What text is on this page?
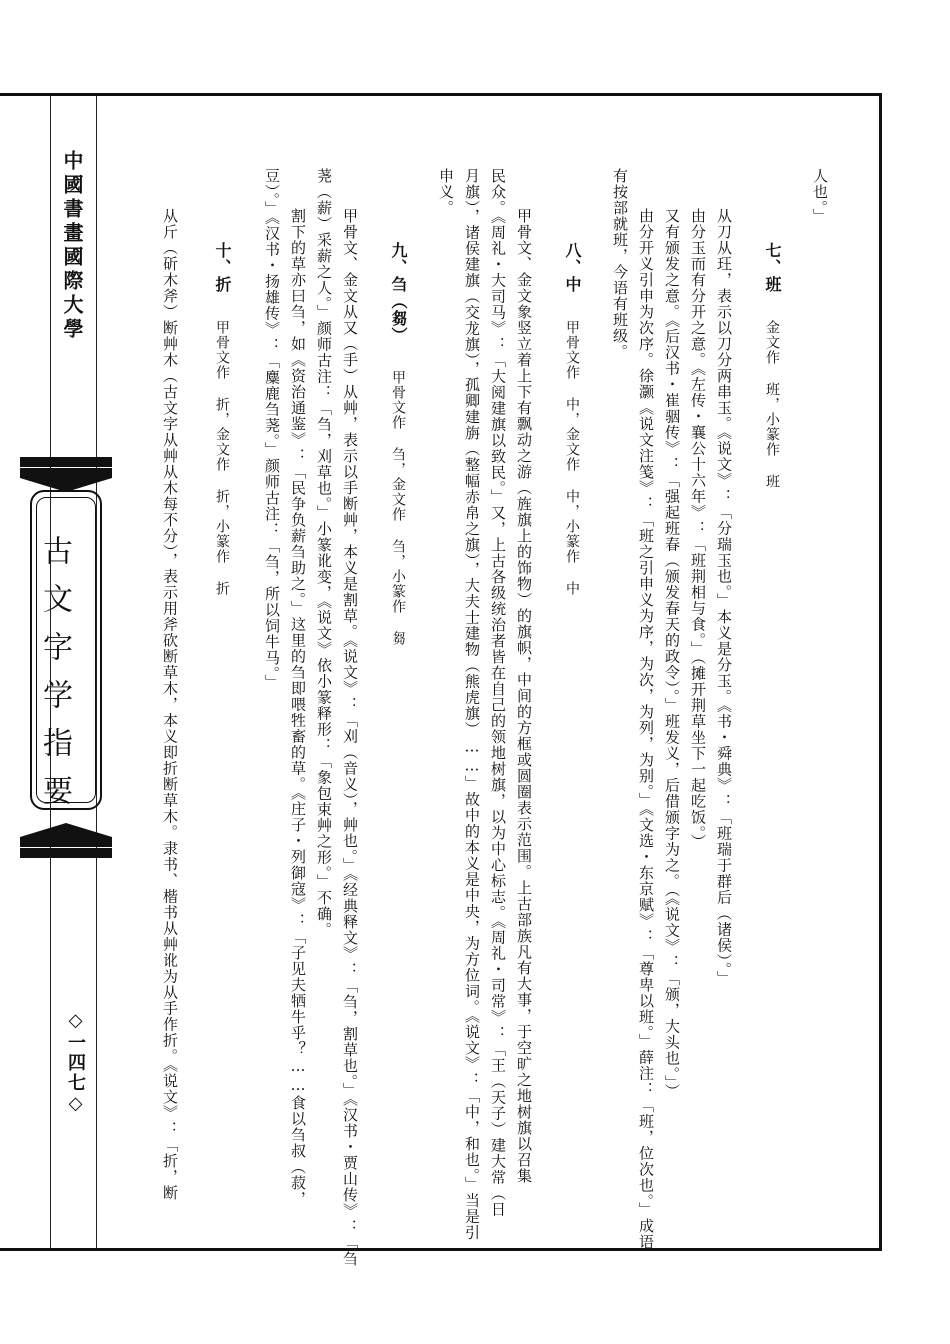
中國書畫國際大學
古文字学指要
◇一四七◇
人也。」
七、班
金文作 班，小篆作 班
从刀从玨，表示以刀分两串玉。《说文》：「分瑞玉也。」本义是分玉。《书・舜典》：「班瑞于群后（诸侯）。」
由分玉而有分开之意。《左传・襄公十六年》：「班荆相与食。」（摊开荆草坐下一起吃饭。）
又有颁发之意。《后汉书・崔骃传》：「强起班春（颁发春天的政令）。」班发义，后借颁字为之。（《说文》：「颁，大头也。」）
由分开义引申为次序。徐灏《说文注笺》：「班之引申义为序，为次，为列，为别。」《文选・东京赋》：「尊卑以班。」薛注：「班，位次也。」成语
有按部就班，今语有班级。
八、中
甲骨文作 中，金文作 中，小篆作 中
甲骨文、金文象竖立着上下有飘动之游（旌旗上的饰物）的旗帜，中间的方框或圆圈表示范围。上古部族凡有大事，于空旷之地树旗以召集
民众。《周礼・大司马》：「大阅建旗以致民。」又，上古各级统治者皆在自己的领地树旗，以为中心标志。《周礼・司常》：「王（天子）建大常（日
月旗），诸侯建旗（交龙旗），孤卿建旃（整幅赤帛之旗），大夫士建物（熊虎旗）……」故中的本义是中央，为方位词。《说文》：「中，和也。」当是引
申义。
九、刍（芻）
甲骨文作 刍，金文作 刍，小篆作 芻
甲骨文、金文从又（手）从艸，表示以手断艸，本义是割草。《说文》：「刈（音义），艸也。」《经典释文》：「刍，割草也。」《汉书・贾山传》：「刍
荛（薪）采薪之人。」颜师古注：「刍，刈草也。」小篆讹变，《说文》依小篆释形：「象包束艸之形。」不确。
割下的草亦曰刍，如《资治通鉴》：「民争负薪刍助之。」这里的刍即喂牲畜的草。《庄子・列御寇》：「子见夫牺牛乎？……食以刍叔（菽，
豆）。」《汉书・扬雄传》：「麋鹿刍荛。」颜师古注：「刍，所以饲牛马。」
十、折
甲骨文作 折，金文作 折，小篆作 折
从斤（斫木斧）断艸木（古文字从艸从木每不分），表示用斧砍断草木，本义即折断草木。隶书、楷书从艸讹为从手作折。《说文》：「折，断
